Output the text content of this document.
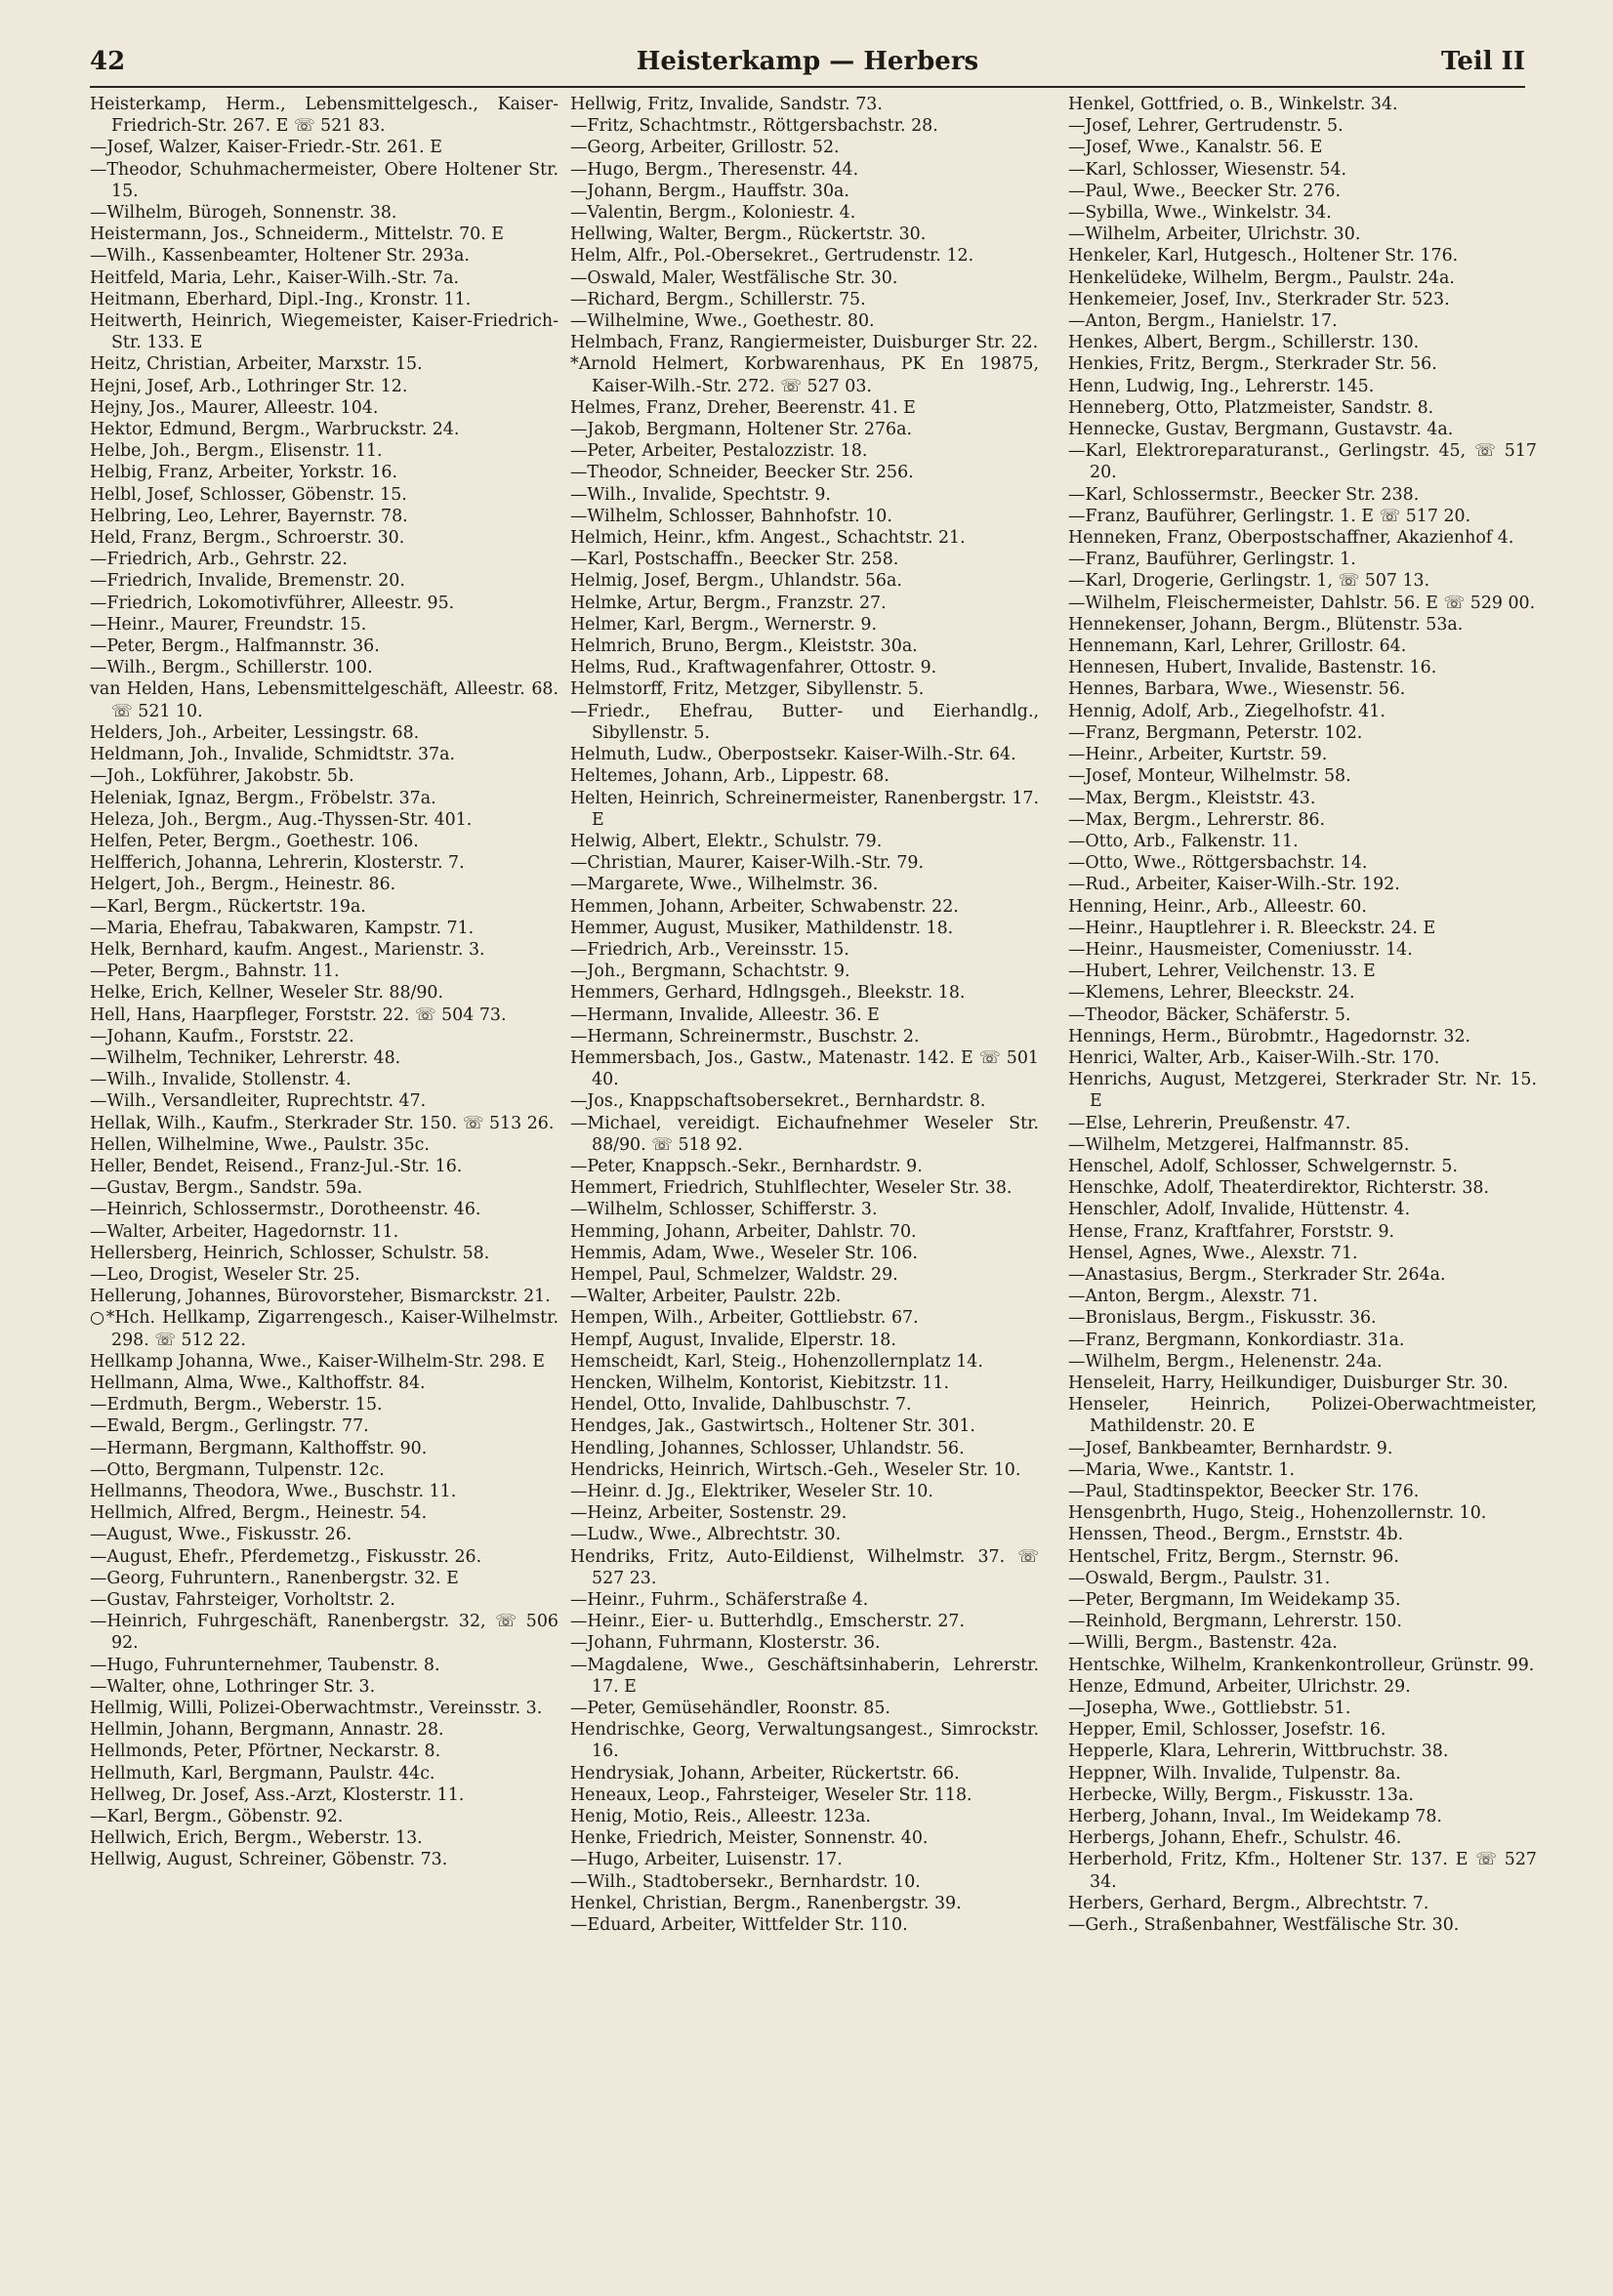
42	Heisterkamp — Herbers	Teil II

Heisterkamp, Herm., Lebensmittelgesch., Kaiser-Friedrich-Str. 267. E ☏ 521 83.

—Josef, Walzer, Kaiser-Friedr.-Str. 261. E

—Theodor, Schuhmachermeister, Obere Holtener Str. 15.

—Wilhelm, Bürogeh, Sonnenstr. 38.

Heistermann, Jos., Schneiderm., Mittelstr. 70. E

—Wilh., Kassenbeamter, Holtener Str. 293a.

Heitfeld, Maria, Lehr., Kaiser-Wilh.-Str. 7a.

Heitmann, Eberhard, Dipl.-Ing., Kronstr. 11.

Heitwerth, Heinrich, Wiegemeister, Kaiser-Friedrich-Str. 133. E

Heitz, Christian, Arbeiter, Marxstr. 15.

Hejni, Josef, Arb., Lothringer Str. 12.

Hejny, Jos., Maurer, Alleestr. 104.

Hektor, Edmund, Bergm., Warbruckstr. 24.

Helbe, Joh., Bergm., Elisenstr. 11.

Helbig, Franz, Arbeiter, Yorkstr. 16.

Helbl, Josef, Schlosser, Göbenstr. 15.

Helbring, Leo, Lehrer, Bayernstr. 78.

Held, Franz, Bergm., Schroerstr. 30.

—Friedrich, Arb., Gehrstr. 22.

—Friedrich, Invalide, Bremenstr. 20.

—Friedrich, Lokomotivführer, Alleestr. 95.

—Heinr., Maurer, Freundstr. 15.

—Peter, Bergm., Halfmannstr. 36.

—Wilh., Bergm., Schillerstr. 100.

van Helden, Hans, Lebensmittelgeschäft, Alleestr. 68. ☏ 521 10.

Helders, Joh., Arbeiter, Lessingstr. 68.

Heldmann, Joh., Invalide, Schmidtstr. 37a.

—Joh., Lokführer, Jakobstr. 5b.

Heleniak, Ignaz, Bergm., Fröbelstr. 37a.

Heleza, Joh., Bergm., Aug.-Thyssen-Str. 401.

Helfen, Peter, Bergm., Goethestr. 106.

Helfferich, Johanna, Lehrerin, Klosterstr. 7.

Helgert, Joh., Bergm., Heinestr. 86.

—Karl, Bergm., Rückertstr. 19a.

—Maria, Ehefrau, Tabakwaren, Kampstr. 71.

Helk, Bernhard, kaufm. Angest., Marienstr. 3.

—Peter, Bergm., Bahnstr. 11.

Helke, Erich, Kellner, Weseler Str. 88/90.

Hell, Hans, Haarpfleger, Forststr. 22. ☏ 504 73.

—Johann, Kaufm., Forststr. 22.

—Wilhelm, Techniker, Lehrerstr. 48.

—Wilh., Invalide, Stollenstr. 4.

—Wilh., Versandleiter, Ruprechtstr. 47.

Hellak, Wilh., Kaufm., Sterkrader Str. 150. ☏ 513 26.

Hellen, Wilhelmine, Wwe., Paulstr. 35c.

Heller, Bendet, Reisend., Franz-Jul.-Str. 16.

—Gustav, Bergm., Sandstr. 59a.

—Heinrich, Schlossermstr., Dorotheenstr. 46.

—Walter, Arbeiter, Hagedornstr. 11.

Hellersberg, Heinrich, Schlosser, Schulstr. 58.

—Leo, Drogist, Weseler Str. 25.

Hellerung, Johannes, Bürovorsteher, Bismarckstr. 21.

○*Hch. Hellkamp, Zigarrengesch., Kaiser-Wilhelmstr. 298. ☏ 512 22.

Hellkamp Johanna, Wwe., Kaiser-Wilhelm-Str. 298. E

Hellmann, Alma, Wwe., Kalthoffstr. 84.

—Erdmuth, Bergm., Weberstr. 15.

—Ewald, Bergm., Gerlingstr. 77.

—Hermann, Bergmann, Kalthoffstr. 90.

—Otto, Bergmann, Tulpenstr. 12c.

Hellmanns, Theodora, Wwe., Buschstr. 11.

Hellmich, Alfred, Bergm., Heinestr. 54.

—August, Wwe., Fiskusstr. 26.

—August, Ehefr., Pferdemetzg., Fiskusstr. 26.

—Georg, Fuhruntern., Ranenbergstr. 32. E

—Gustav, Fahrsteiger, Vorholtstr. 2.

—Heinrich, Fuhrgeschäft, Ranenbergstr. 32, ☏ 506 92.

—Hugo, Fuhrunternehmer, Taubenstr. 8.

—Walter, ohne, Lothringer Str. 3.

Hellmig, Willi, Polizei-Oberwachtmstr., Vereinsstr. 3.

Hellmin, Johann, Bergmann, Annastr. 28.

Hellmonds, Peter, Pförtner, Neckarstr. 8.

Hellmuth, Karl, Bergmann, Paulstr. 44c.

Hellweg, Dr. Josef, Ass.-Arzt, Klosterstr. 11.

—Karl, Bergm., Göbenstr. 92.

Hellwich, Erich, Bergm., Weberstr. 13.

Hellwig, August, Schreiner, Göbenstr. 73.

Hellwig, Fritz, Invalide, Sandstr. 73.

—Fritz, Schachtmstr., Röttgersbachstr. 28.

—Georg, Arbeiter, Grillostr. 52.

—Hugo, Bergm., Theresenstr. 44.

—Johann, Bergm., Hauffstr. 30a.

—Valentin, Bergm., Koloniestr. 4.

Hellwing, Walter, Bergm., Rückertstr. 30.

Helm, Alfr., Pol.-Obersekret., Gertrudenstr. 12.

—Oswald, Maler, Westfälische Str. 30.

—Richard, Bergm., Schillerstr. 75.

—Wilhelmine, Wwe., Goethestr. 80.

Helmbach, Franz, Rangiermeister, Duisburger Str. 22.

*Arnold Helmert, Korbwarenhaus, PK En 19875, Kaiser-Wilh.-Str. 272. ☏ 527 03.

Helmes, Franz, Dreher, Beerenstr. 41. E

—Jakob, Bergmann, Holtener Str. 276a.

—Peter, Arbeiter, Pestalozzistr. 18.

—Theodor, Schneider, Beecker Str. 256.

—Wilh., Invalide, Spechtstr. 9.

—Wilhelm, Schlosser, Bahnhofstr. 10.

Helmich, Heinr., kfm. Angest., Schachtstr. 21.

—Karl, Postschaffn., Beecker Str. 258.

Helmig, Josef, Bergm., Uhlandstr. 56a.

Helmke, Artur, Bergm., Franzstr. 27.

Helmer, Karl, Bergm., Wernerstr. 9.

Helmrich, Bruno, Bergm., Kleiststr. 30a.

Helms, Rud., Kraftwagenfahrer, Ottostr. 9.

Helmstorff, Fritz, Metzger, Sibyllenstr. 5.

—Friedr., Ehefrau, Butter- und Eierhandlg., Sibyllenstr. 5.

Helmuth, Ludw., Oberpostsekr. Kaiser-Wilh.-Str. 64.

Heltemes, Johann, Arb., Lippestr. 68.

Helten, Heinrich, Schreinermeister, Ranenbergstr. 17. E

Helwig, Albert, Elektr., Schulstr. 79.

—Christian, Maurer, Kaiser-Wilh.-Str. 79.

—Margarete, Wwe., Wilhelmstr. 36.

Hemmen, Johann, Arbeiter, Schwabenstr. 22.

Hemmer, August, Musiker, Mathildenstr. 18.

—Friedrich, Arb., Vereinsstr. 15.

—Joh., Bergmann, Schachtstr. 9.

Hemmers, Gerhard, Hdlngsgeh., Bleekstr. 18.

—Hermann, Invalide, Alleestr. 36. E

—Hermann, Schreinermstr., Buschstr. 2.

Hemmersbach, Jos., Gastw., Matenastr. 142. E ☏ 501 40.

—Jos., Knappschaftsobersekret., Bernhardstr. 8.

—Michael, vereidigt. Eichaufnehmer Weseler Str. 88/90. ☏ 518 92.

—Peter, Knappsch.-Sekr., Bernhardstr. 9.

Hemmert, Friedrich, Stuhlflechter, Weseler Str. 38.

—Wilhelm, Schlosser, Schifferstr. 3.

Hemming, Johann, Arbeiter, Dahlstr. 70.

Hemmis, Adam, Wwe., Weseler Str. 106.

Hempel, Paul, Schmelzer, Waldstr. 29.

—Walter, Arbeiter, Paulstr. 22b.

Hempen, Wilh., Arbeiter, Gottliebstr. 67.

Hempf, August, Invalide, Elperstr. 18.

Hemscheidt, Karl, Steig., Hohenzollernplatz 14.

Hencken, Wilhelm, Kontorist, Kiebitzstr. 11.

Hendel, Otto, Invalide, Dahlbuschstr. 7.

Hendges, Jak., Gastwirtsch., Holtener Str. 301.

Hendling, Johannes, Schlosser, Uhlandstr. 56.

Hendricks, Heinrich, Wirtsch.-Geh., Weseler Str. 10.

—Heinr. d. Jg., Elektriker, Weseler Str. 10.

—Heinz, Arbeiter, Sostenstr. 29.

—Ludw., Wwe., Albrechtstr. 30.

Hendriks, Fritz, Auto-Eildienst, Wilhelmstr. 37. ☏ 527 23.

—Heinr., Fuhrm., Schäferstraße 4.

—Heinr., Eier- u. Butterhdlg., Emscherstr. 27.

—Johann, Fuhrmann, Klosterstr. 36.

—Magdalene, Wwe., Geschäftsinhaberin, Lehrerstr. 17. E

—Peter, Gemüsehändler, Roonstr. 85.

Hendrischke, Georg, Verwaltungsangest., Simrockstr. 16.

Hendrysiak, Johann, Arbeiter, Rückertstr. 66.

Heneaux, Leop., Fahrsteiger, Weseler Str. 118.

Henig, Motio, Reis., Alleestr. 123a.

Henke, Friedrich, Meister, Sonnenstr. 40.

—Hugo, Arbeiter, Luisenstr. 17.

—Wilh., Stadtobersekr., Bernhardstr. 10.

Henkel, Christian, Bergm., Ranenbergstr. 39.

—Eduard, Arbeiter, Wittfelder Str. 110.

Henkel, Gottfried, o. B., Winkelstr. 34.

—Josef, Lehrer, Gertrudenstr. 5.

—Josef, Wwe., Kanalstr. 56. E

—Karl, Schlosser, Wiesenstr. 54.

—Paul, Wwe., Beecker Str. 276.

—Sybilla, Wwe., Winkelstr. 34.

—Wilhelm, Arbeiter, Ulrichstr. 30.

Henkeler, Karl, Hutgesch., Holtener Str. 176.

Henkelüdeke, Wilhelm, Bergm., Paulstr. 24a.

Henkemeier, Josef, Inv., Sterkrader Str. 523.

—Anton, Bergm., Hanielstr. 17.

Henkes, Albert, Bergm., Schillerstr. 130.

Henkies, Fritz, Bergm., Sterkrader Str. 56.

Henn, Ludwig, Ing., Lehrerstr. 145.

Henneberg, Otto, Platzmeister, Sandstr. 8.

Hennecke, Gustav, Bergmann, Gustavstr. 4a.

—Karl, Elektroreparaturanst., Gerlingstr. 45, ☏ 517 20.

—Karl, Schlossermstr., Beecker Str. 238.

—Franz, Bauführer, Gerlingstr. 1. E ☏ 517 20.

Henneken, Franz, Oberpostschaffner, Akazienhof 4.

—Franz, Bauführer, Gerlingstr. 1.

—Karl, Drogerie, Gerlingstr. 1, ☏ 507 13.

—Wilhelm, Fleischermeister, Dahlstr. 56. E ☏ 529 00.

Hennekenser, Johann, Bergm., Blütenstr. 53a.

Hennemann, Karl, Lehrer, Grillostr. 64.

Hennesen, Hubert, Invalide, Bastenstr. 16.

Hennes, Barbara, Wwe., Wiesenstr. 56.

Hennig, Adolf, Arb., Ziegelhofstr. 41.

—Franz, Bergmann, Peterstr. 102.

—Heinr., Arbeiter, Kurtstr. 59.

—Josef, Monteur, Wilhelmstr. 58.

—Max, Bergm., Kleiststr. 43.

—Max, Bergm., Lehrerstr. 86.

—Otto, Arb., Falkenstr. 11.

—Otto, Wwe., Röttgersbachstr. 14.

—Rud., Arbeiter, Kaiser-Wilh.-Str. 192.

Henning, Heinr., Arb., Alleestr. 60.

—Heinr., Hauptlehrer i. R. Bleeckstr. 24. E

—Heinr., Hausmeister, Comeniusstr. 14.

—Hubert, Lehrer, Veilchenstr. 13. E

—Klemens, Lehrer, Bleeckstr. 24.

—Theodor, Bäcker, Schäferstr. 5.

Hennings, Herm., Bürobmtr., Hagedornstr. 32.

Henrici, Walter, Arb., Kaiser-Wilh.-Str. 170.

Henrichs, August, Metzgerei, Sterkrader Str. Nr. 15. E

—Else, Lehrerin, Preußenstr. 47.

—Wilhelm, Metzgerei, Halfmannstr. 85.

Henschel, Adolf, Schlosser, Schwelgernstr. 5.

Henschke, Adolf, Theaterdirektor, Richterstr. 38.

Henschler, Adolf, Invalide, Hüttenstr. 4.

Hense, Franz, Kraftfahrer, Forststr. 9.

Hensel, Agnes, Wwe., Alexstr. 71.

—Anastasius, Bergm., Sterkrader Str. 264a.

—Anton, Bergm., Alexstr. 71.

—Bronislaus, Bergm., Fiskusstr. 36.

—Franz, Bergmann, Konkordiastr. 31a.

—Wilhelm, Bergm., Helenenstr. 24a.

Henseleit, Harry, Heilkundiger, Duisburger Str. 30.

Henseler, Heinrich, Polizei-Oberwachtmeister, Mathildenstr. 20. E

—Josef, Bankbeamter, Bernhardstr. 9.

—Maria, Wwe., Kantstr. 1.

—Paul, Stadtinspektor, Beecker Str. 176.

Hensgenbrth, Hugo, Steig., Hohenzollernstr. 10.

Henssen, Theod., Bergm., Ernststr. 4b.

Hentschel, Fritz, Bergm., Sternstr. 96.

—Oswald, Bergm., Paulstr. 31.

—Peter, Bergmann, Im Weidekamp 35.

—Reinhold, Bergmann, Lehrerstr. 150.

—Willi, Bergm., Bastenstr. 42a.

Hentschke, Wilhelm, Krankenkontrolleur, Grünstr. 99.

Henze, Edmund, Arbeiter, Ulrichstr. 29.

—Josepha, Wwe., Gottliebstr. 51.

Hepper, Emil, Schlosser, Josefstr. 16.

Hepperle, Klara, Lehrerin, Wittbruchstr. 38.

Heppner, Wilh. Invalide, Tulpenstr. 8a.

Herbecke, Willy, Bergm., Fiskusstr. 13a.

Herberg, Johann, Inval., Im Weidekamp 78.

Herbergs, Johann, Ehefr., Schulstr. 46.

Herberhold, Fritz, Kfm., Holtener Str. 137. E ☏ 527 34.

Herbers, Gerhard, Bergm., Albrechtstr. 7.

—Gerh., Straßenbahner, Westfälische Str. 30.
